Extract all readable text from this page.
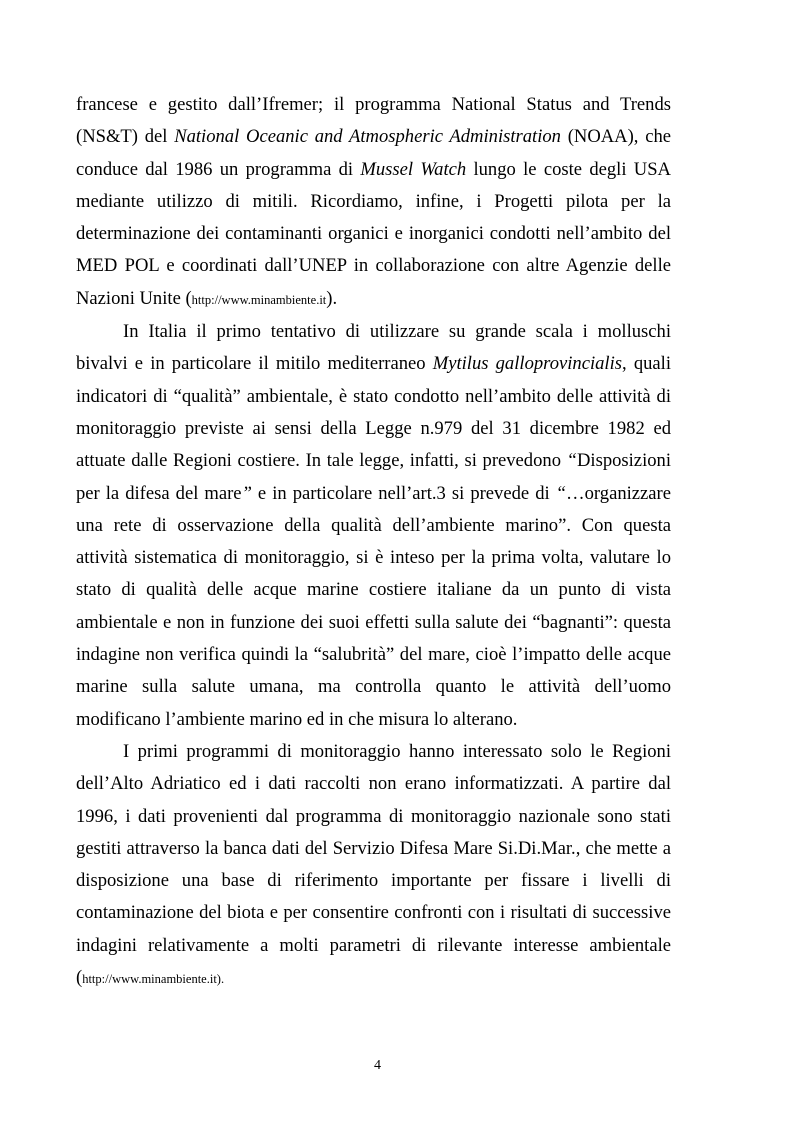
francese e gestito dall’Ifremer; il programma National Status and Trends
(NS&T) del National Oceanic and Atmospheric Administration (NOAA), che
conduce dal 1986 un programma di Mussel Watch lungo le coste degli USA
mediante utilizzo di mitili. Ricordiamo, infine, i Progetti pilota per la
determinazione dei contaminanti organici e inorganici condotti nell’ambito del
MED POL e coordinati dall’UNEP in collaborazione con altre Agenzie delle
Nazioni Unite (http://www.minambiente.it).

In Italia il primo tentativo di utilizzare su grande scala i molluschi
bivalvi e in particolare il mitilo mediterraneo Mytilus galloprovincialis, quali
indicatori di “qualità” ambientale, è stato condotto nell’ambito delle attività di
monitoraggio previste ai sensi della Legge n.979 del 31 dicembre 1982 ed
attuate dalle Regioni costiere. In tale legge, infatti, si prevedono “Disposizioni
per la difesa del mare” e in particolare nell’art.3 si prevede di “…organizzare
una rete di osservazione della qualità dell’ambiente marino”. Con questa
attività sistematica di monitoraggio, si è inteso per la prima volta, valutare lo
stato di qualità delle acque marine costiere italiane da un punto di vista
ambientale e non in funzione dei suoi effetti sulla salute dei “bagnanti”: questa
indagine non verifica quindi la “salubrità” del mare, cioè l’impatto delle acque
marine sulla salute umana, ma controlla quanto le attività dell’uomo
modificano l’ambiente marino ed in che misura lo alterano.

I primi programmi di monitoraggio hanno interessato solo le Regioni
dell’Alto Adriatico ed i dati raccolti non erano informatizzati. A partire dal
1996, i dati provenienti dal programma di monitoraggio nazionale sono stati
gestiti attraverso la banca dati del Servizio Difesa Mare Si.Di.Mar., che mette a
disposizione una base di riferimento importante per fissare i livelli di
contaminazione del biota e per consentire confronti con i risultati di successive
indagini relativamente a molti parametri di rilevante interesse ambientale
(http://www.minambiente.it).

4
